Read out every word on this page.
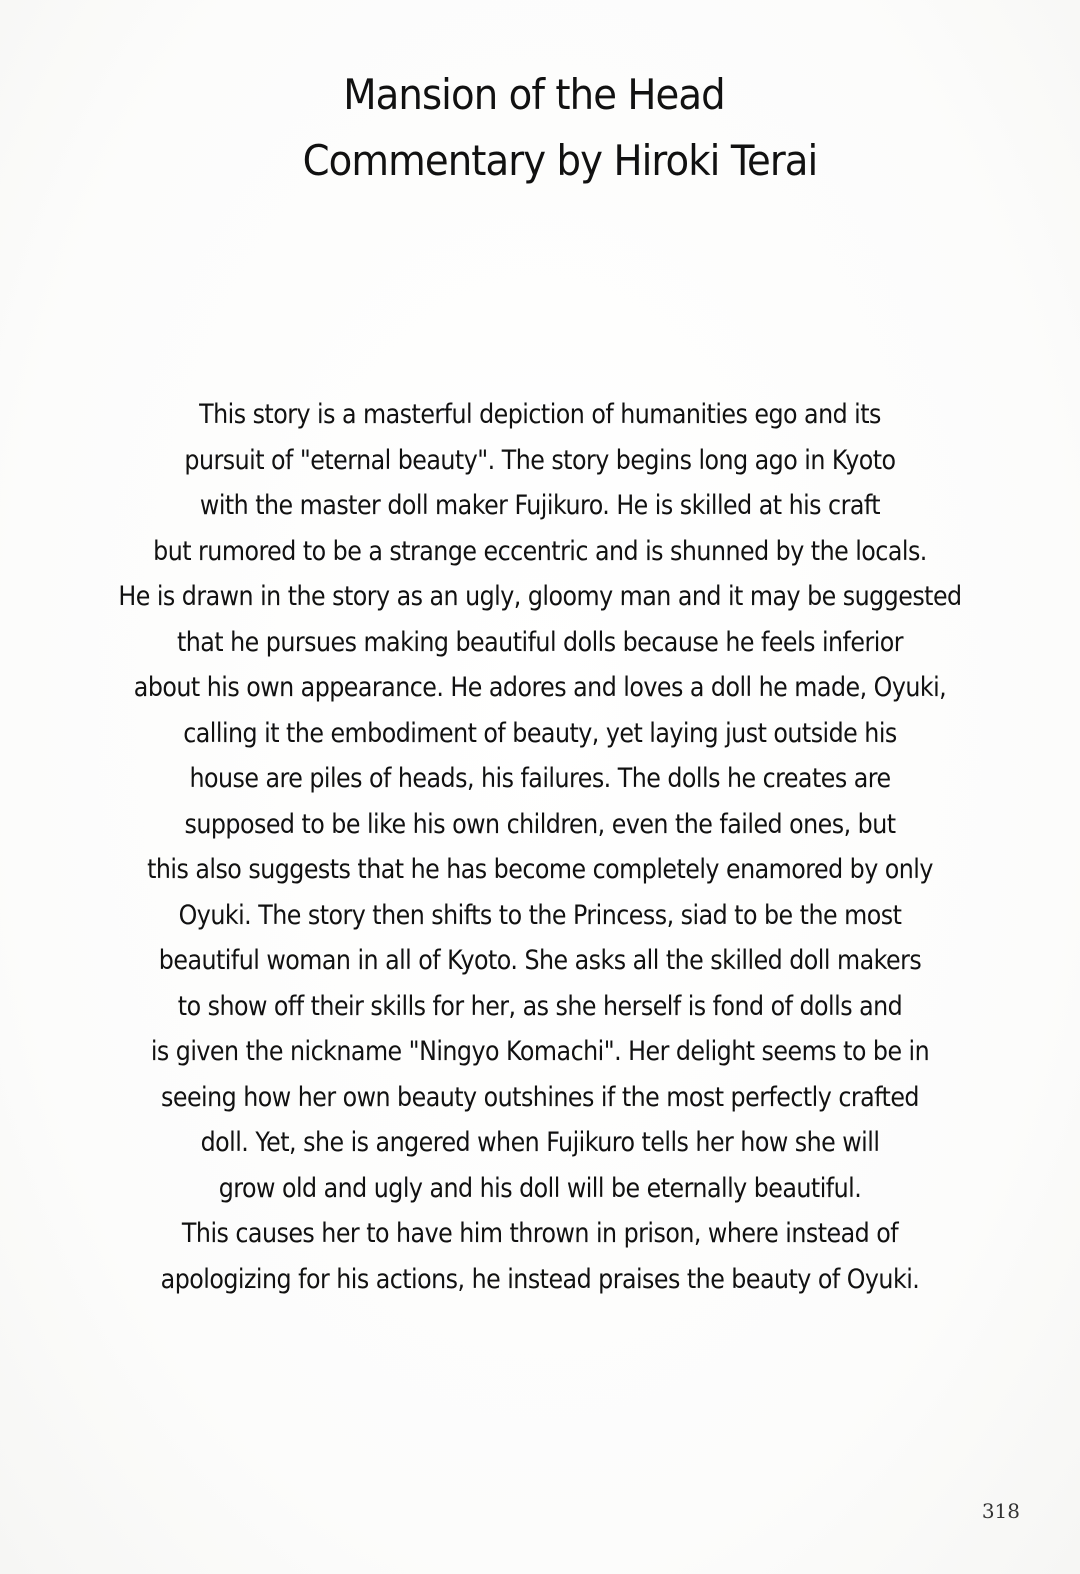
Mansion of the Head
Commentary by Hiroki Terai
This story is a masterful depiction of humanities ego and its
pursuit of "eternal beauty". The story begins long ago in Kyoto
with the master doll maker Fujikuro. He is skilled at his craft
but rumored to be a strange eccentric and is shunned by the locals.
He is drawn in the story as an ugly, gloomy man and it may be suggested
that he pursues making beautiful dolls because he feels inferior
about his own appearance. He adores and loves a doll he made, Oyuki,
calling it the embodiment of beauty, yet laying just outside his
house are piles of heads, his failures. The dolls he creates are
supposed to be like his own children, even the failed ones, but
this also suggests that he has become completely enamored by only
Oyuki. The story then shifts to the Princess, siad to be the most
beautiful woman in all of Kyoto. She asks all the skilled doll makers
to show off their skills for her, as she herself is fond of dolls and
is given the nickname "Ningyo Komachi". Her delight seems to be in
seeing how her own beauty outshines if the most perfectly crafted
doll. Yet, she is angered when Fujikuro tells her how she will
grow old and ugly and his doll will be eternally beautiful.
This causes her to have him thrown in prison, where instead of
apologizing for his actions, he instead praises the beauty of Oyuki.
318
